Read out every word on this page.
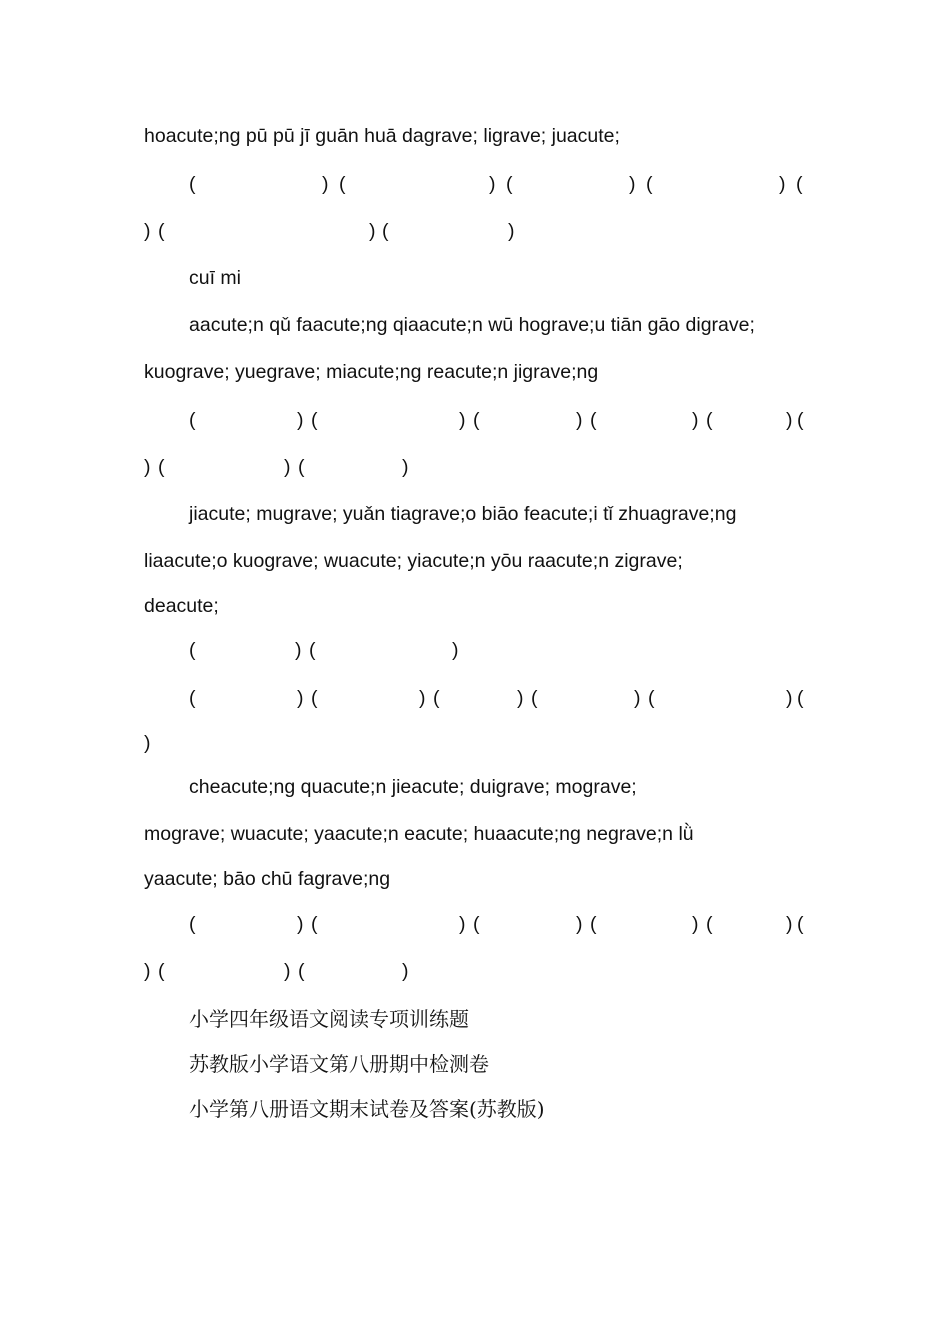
hoacute;ng pū pū jī guān huā dagrave; ligrave; juacute;
(	) (	) (	) (	) (
) (	) (	)
cuī mi
aacute;n qǔ faacute;ng qiaacute;n wū hograve;u tiān gāo digrave;
kuograve; yuegrave; miacute;ng reacute;n jigrave;ng
(	) (	) (	) (	) (	) (
) (	) (	)
jiacute; mugrave; yuǎn tiagrave;o biāo feacute;i tǐ zhuagrave;ng
liaacute;o kuograve; wuacute; yiacute;n yōu raacute;n zigrave;
deacute;
(	) (	)
(	) (	) (	) (	) (	) (
)
cheacute;ng quacute;n jieacute; duigrave; mograve;
mograve; wuacute; yaacute;n eacute; huaacute;ng negrave;n lǜ
yaacute; bāo chū fagrave;ng
(	) (	) (	) (	) (	) (
) (	) (	)
小学四年级语文阅读专项训练题
苏教版小学语文第八册期中检测卷
小学第八册语文期末试卷及答案(苏教版)
